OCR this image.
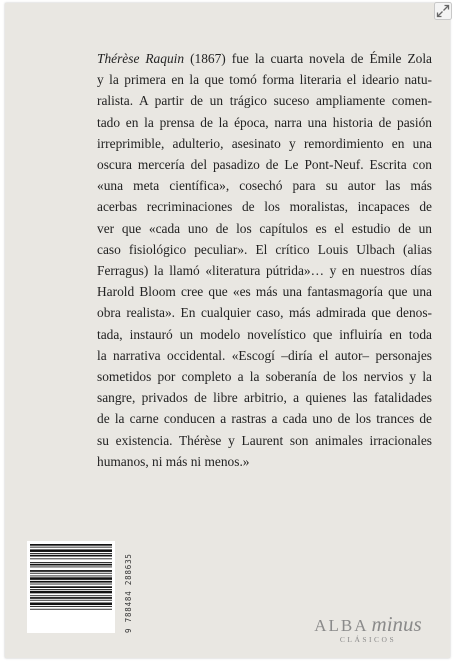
Thérèse Raquin (1867) fue la cuarta novela de Émile Zola
y la primera en la que tomó forma literaria el ideario natu-
ralista. A partir de un trágico suceso ampliamente comen-
tado en la prensa de la época, narra una historia de pasión
irreprimible, adulterio, asesinato y remordimiento en una
oscura mercería del pasadizo de Le Pont-Neuf. Escrita con
«una meta científica», cosechó para su autor las más
acerbas recriminaciones de los moralistas, incapaces de
ver que «cada uno de los capítulos es el estudio de un
caso fisiológico peculiar». El crítico Louis Ulbach (alias
Ferragus) la llamó «literatura pútrida»… y en nuestros días
Harold Bloom cree que «es más una fantasmagoría que una
obra realista». En cualquier caso, más admirada que denos-
tada, instauró un modelo novelístico que influiría en toda
la narrativa occidental. «Escogí –diría el autor– personajes
sometidos por completo a la soberanía de los nervios y la
sangre, privados de libre arbitrio, a quienes las fatalidades
de la carne conducen a rastras a cada uno de los trances de
su existencia. Thérèse y Laurent son animales irracionales
humanos, ni más ni menos.»
9 788484 288635	ALBA minus
CLÁSICOS
